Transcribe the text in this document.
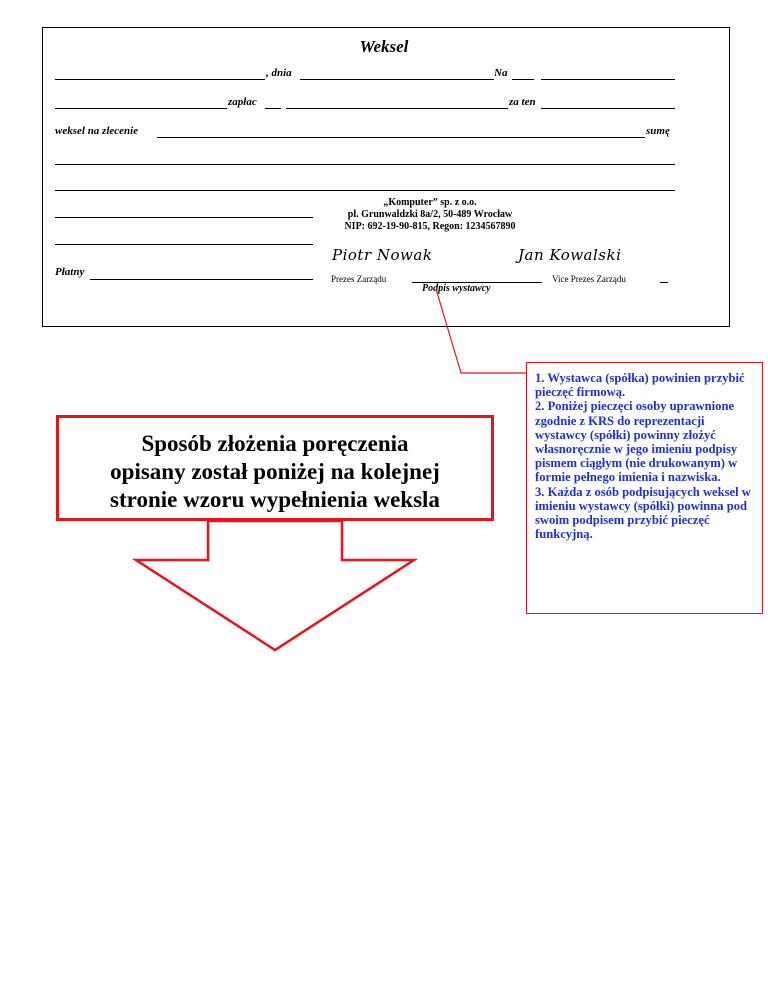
Weksel
, dnia	Na
zapłac	za ten
weksel na zlecenie	sumę
Płatny
„Komputer” sp. z o.o.
pl. Grunwaldzki 8a/2, 50-489 Wrocław
NIP: 692-19-90-815, Regon: 1234567890
Piotr Nowak	Jan Kowalski
Prezes Zarządu	Vice Prezes Zarządu
Podpis wystawcy
1. Wystawca (spółka) powinien przybić pieczęć firmową.
2. Poniżej pieczęci osoby uprawnione zgodnie z KRS do reprezentacji wystawcy (spółki) powinny złożyć własnoręcznie w jego imieniu podpisy pismem ciągłym (nie drukowanym) w formie pełnego imienia i nazwiska.
3. Każda z osób podpisujących weksel w imieniu wystawcy (spółki) powinna pod swoim podpisem przybić pieczęć funkcyjną.
Sposób złożenia poręczenia
opisany został poniżej na kolejnej
stronie wzoru wypełnienia weksla
